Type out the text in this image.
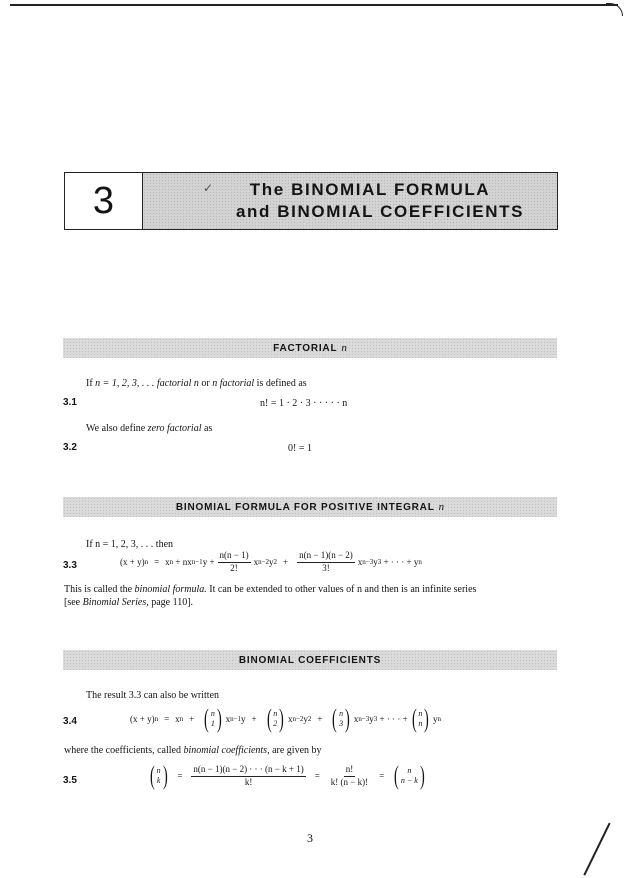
3	The BINOMIAL FORMULA
and BINOMIAL COEFFICIENTS
✓
FACTORIAL n
If n = 1, 2, 3, . . . factorial n or n factorial is defined as
3.1	n! = 1 · 2 · 3 · · · · · n
We also define zero factorial as
3.2	0! = 1
BINOMIAL FORMULA FOR POSITIVE INTEGRAL n
If n = 1, 2, 3, . . . then
3.3	(x + y) n = x n
+ nx n−1 $y + \frac{n(n - 1)}{2!}$ x n−2 y $2 + \frac{n(n - 1)(n - 2)}{3!}$ x n−3 y 3
+ · · · + y n
This is called the binomial formula. It can be extended to other values of n and then is an infinite series
[see Binomial Series, page 110].
BINOMIAL COEFFICIENTS
The result 3.3 can also be written
3.4	(x + y) n = x n + ( n
1 ) x n−1 y + ( n
2 ) x n−2 y 2 + ( n
3 ) x n−3 y 3
+ · · · + ( n
n ) y n
where the coefficients, called binomial coefficients, are given by
3.5	( n
k ) = $\frac{n(n - 1)(n - 2) \cdot \cdot \cdot (n - k + 1)}{k!} = \frac{n!}{k! (n - k)!}$ = ( n
n − k )
3
